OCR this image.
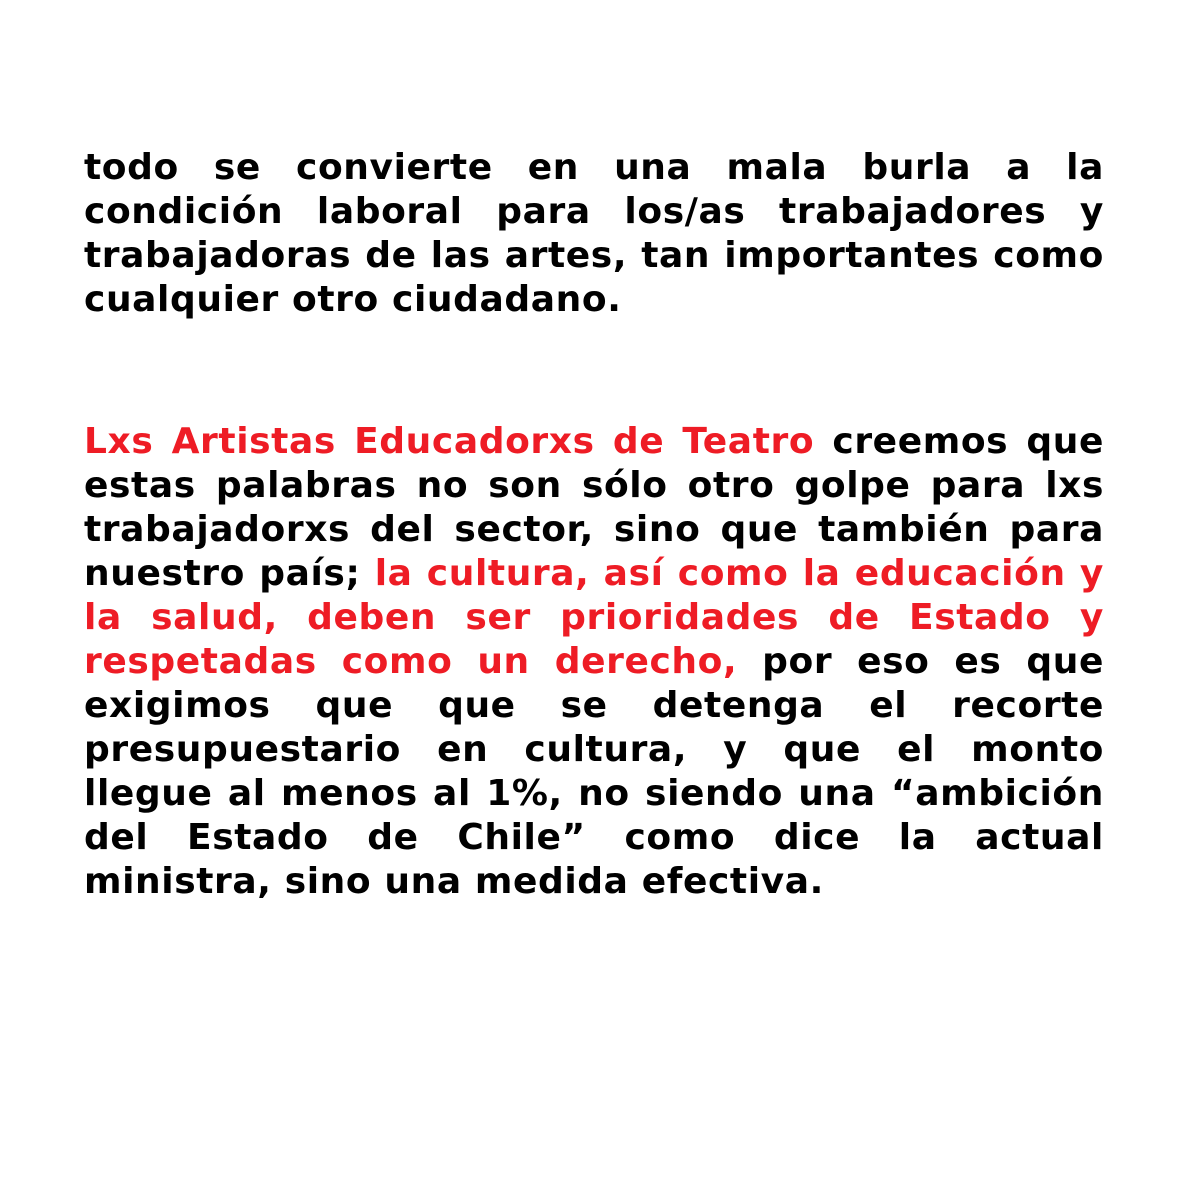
todo se convierte en una mala burla a la condición laboral para los/as trabajadores y trabajadoras de las artes, tan importantes como cualquier otro ciudadano.

Lxs Artistas Educadorxs de Teatro creemos que estas palabras no son sólo otro golpe para lxs trabajadorxs del sector, sino que también para nuestro país; la cultura, así como la educación y la salud, deben ser prioridades de Estado y respetadas como un derecho, por eso es que exigimos que que se detenga el recorte presupuestario en cultura, y que el monto llegue al menos al 1%, no siendo una “ambición del Estado de Chile” como dice la actual ministra, sino una medida efectiva.
